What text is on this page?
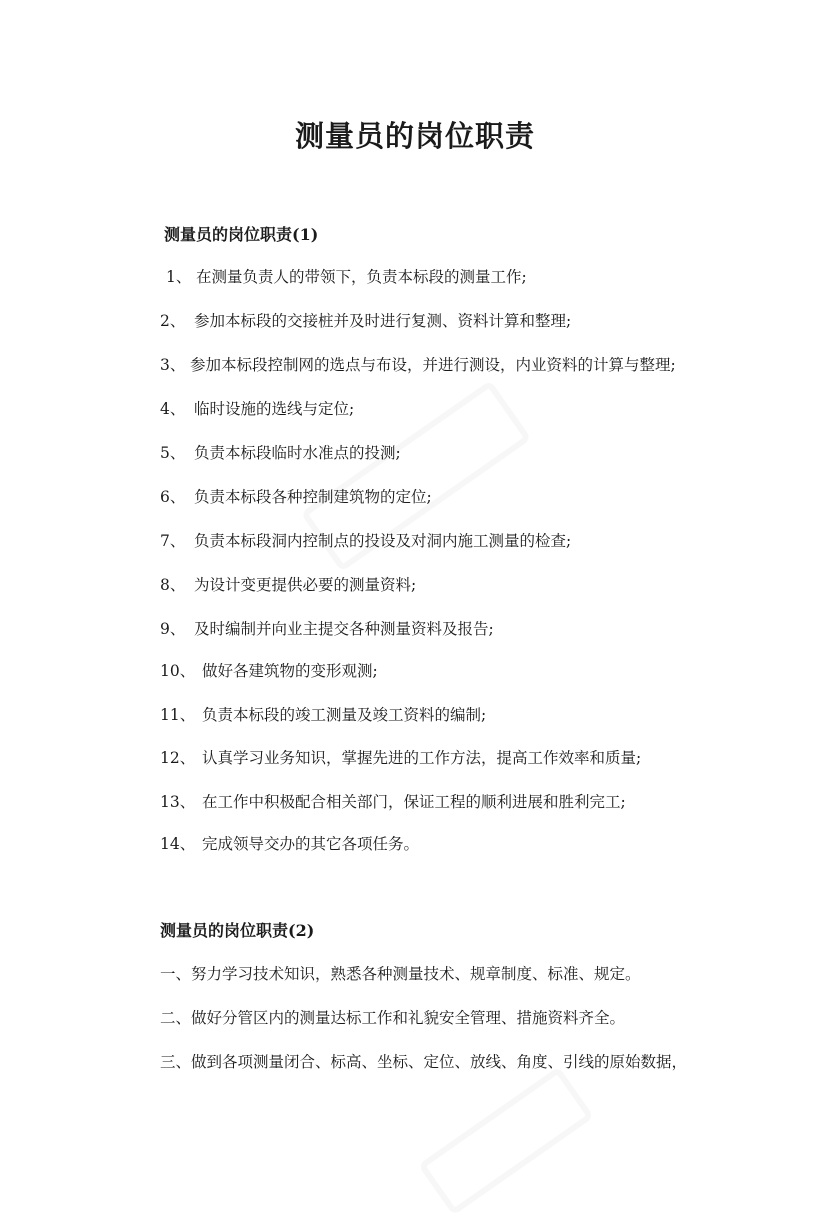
测量员的岗位职责

测量员的岗位职责(1)

1、 在测量负责人的带领下，负责本标段的测量工作;

2、 参加本标段的交接桩并及时进行复测、资料计算和整理;

3、 参加本标段控制网的选点与布设，并进行测设，内业资料的计算与整理;

4、 临时设施的选线与定位;

5、 负责本标段临时水准点的投测;

6、 负责本标段各种控制建筑物的定位;

7、 负责本标段洞内控制点的投设及对洞内施工测量的检查;

8、 为设计变更提供必要的测量资料;

9、 及时编制并向业主提交各种测量资料及报告;

10、 做好各建筑物的变形观测;

11、 负责本标段的竣工测量及竣工资料的编制;

12、 认真学习业务知识，掌握先进的工作方法，提高工作效率和质量;

13、 在工作中积极配合相关部门，保证工程的顺利进展和胜利完工;

14、 完成领导交办的其它各项任务。

测量员的岗位职责(2)

一、努力学习技术知识，熟悉各种测量技术、规章制度、标准、规定。

二、做好分管区内的测量达标工作和礼貌安全管理、措施资料齐全。

三、做到各项测量闭合、标高、坐标、定位、放线、角度、引线的原始数据，
